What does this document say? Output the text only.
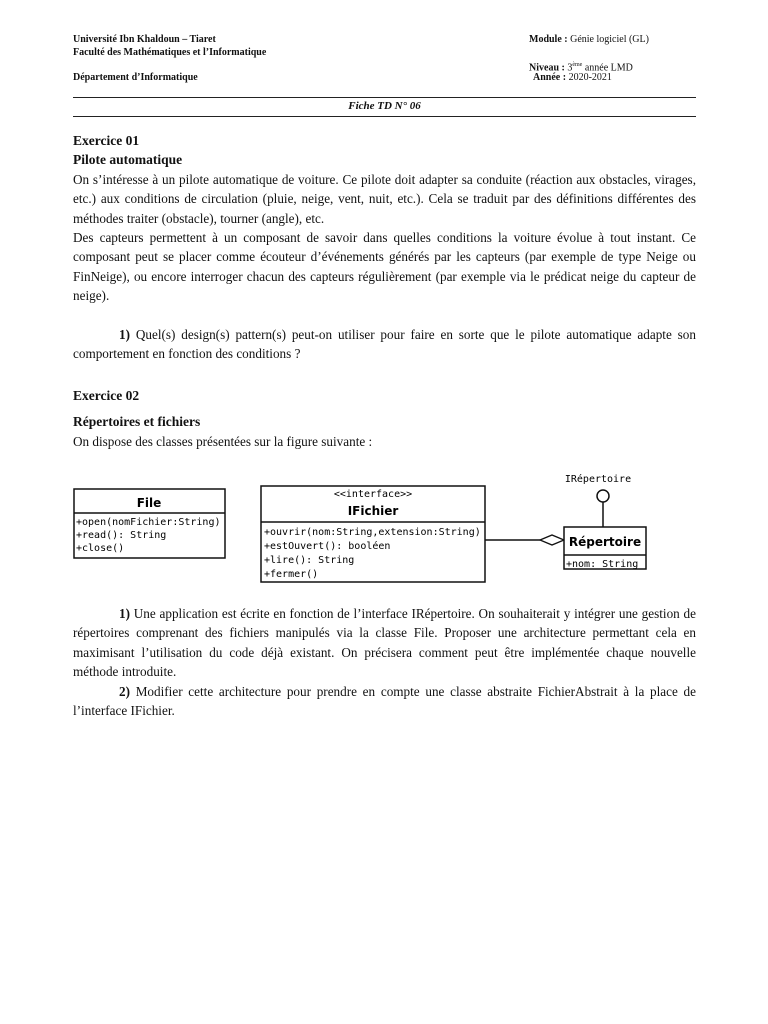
Université Ibn Khaldoun – Tiaret
Faculté des Mathématiques et l’Informatique
Département d’Informatique
Module : Génie logiciel (GL)
Niveau : 3ème année LMD
Année : 2020-2021
Fiche TD N° 06

Exercice 01

Pilote automatique

On s’intéresse à un pilote automatique de voiture. Ce pilote doit adapter sa conduite (réaction aux obstacles, virages, etc.) aux conditions de circulation (pluie, neige, vent, nuit, etc.). Cela se traduit par des définitions différentes des méthodes traiter (obstacle), tourner (angle), etc.

Des capteurs permettent à un composant de savoir dans quelles conditions la voiture évolue à tout instant. Ce composant peut se placer comme écouteur d’événements générés par les capteurs (par exemple de type Neige ou FinNeige), ou encore interroger chacun des capteurs régulièrement (par exemple via le prédicat neige du capteur de neige).

1) Quel(s) design(s) pattern(s) peut-on utiliser pour faire en sorte que le pilote automatique adapte son comportement en fonction des conditions ?

Exercice 02

Répertoires et fichiers

On dispose des classes présentées sur la figure suivante :

File
+open(nomFichier:String)
+read(): String
+close()
<<interface>>
IFichier
+ouvrir(nom:String,extension:String)
+estOuvert(): booléen
+lire(): String
+fermer()
IRépertoire
Répertoire
+nom: String

1) Une application est écrite en fonction de l’interface IRépertoire. On souhaiterait y intégrer une gestion de répertoires comprenant des fichiers manipulés via la classe File. Proposer une architecture permettant cela en maximisant l’utilisation du code déjà existant. On précisera comment peut être implémentée chaque nouvelle méthode introduite.

2) Modifier cette architecture pour prendre en compte une classe abstraite FichierAbstrait à la place de l’interface IFichier.
